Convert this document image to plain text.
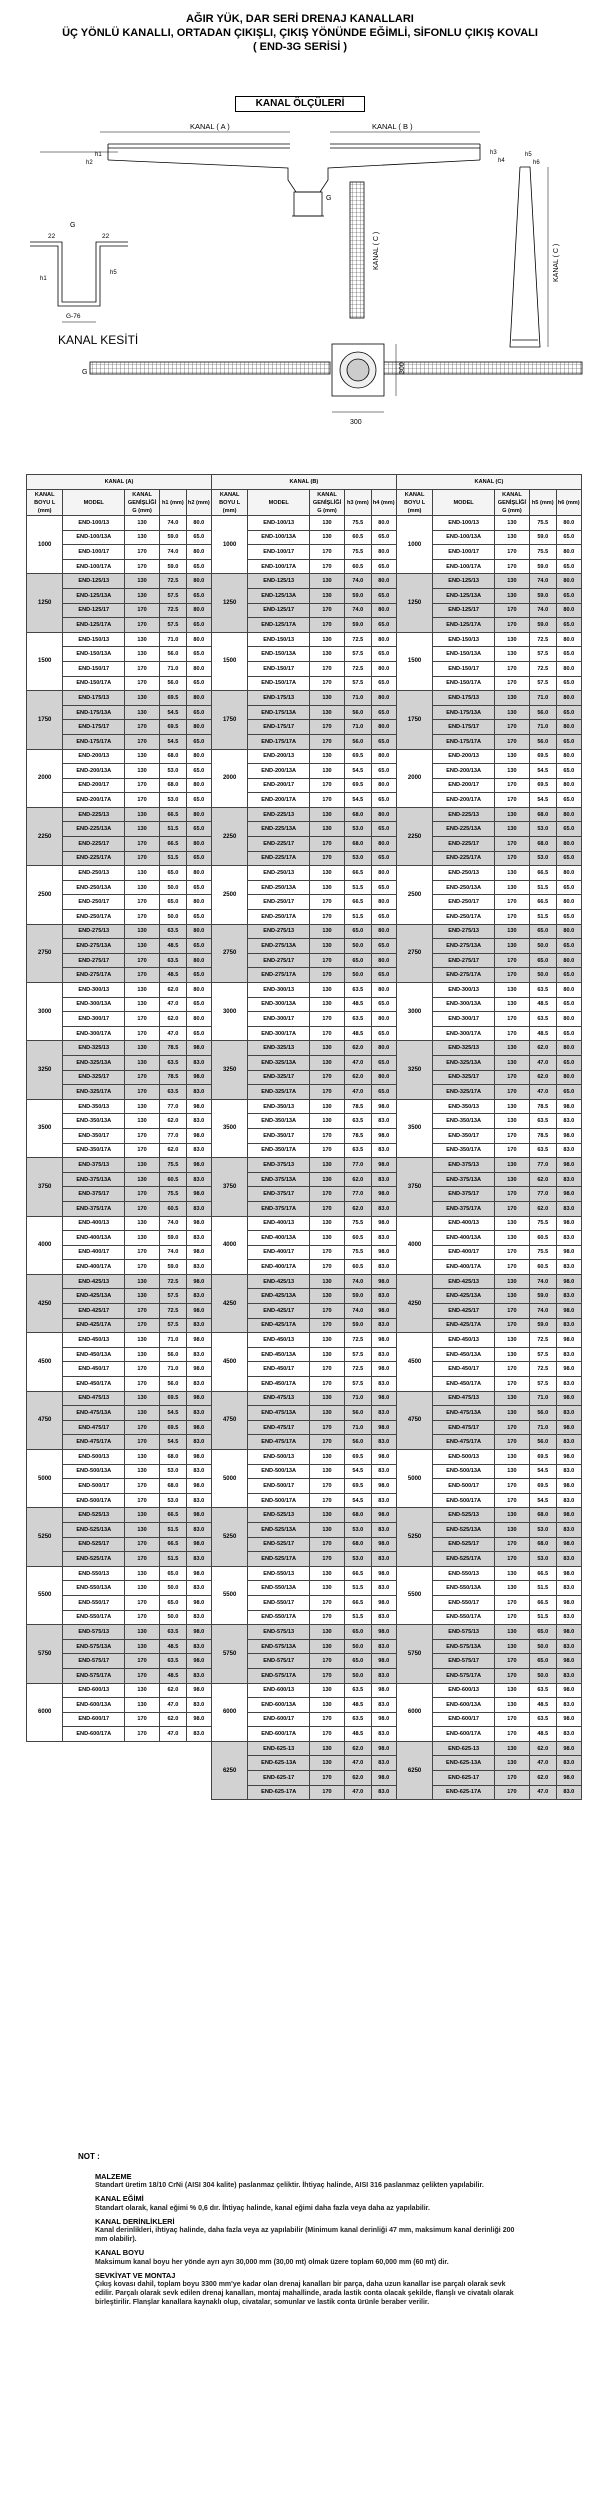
AĞIR YÜK, DAR SERİ DRENAJ KANALLARI
ÜÇ YÖNLÜ KANALLI, ORTADAN ÇIKIŞLI, ÇIKIŞ YÖNÜNDE EĞİMLİ, SİFONLU ÇIKIŞ KOVALI
( END-3G SERİSİ )
KANAL ÖLÇÜLERİ
KANAL ( A )	KANAL ( B )
h1
h2
h3
h4
G
22	22
G-76
h1
h5
KANAL KESİTİ
G
G
KANAL ( C )
300
300
h5
h6
KANAL ( C )
KANAL (A)					KANAL (B)					KANAL (C)				
KANAL BOYU L (mm)	MODEL	KANAL GENİŞLİĞİ G (mm)	h1 (mm)	h2 (mm)	KANAL BOYU L (mm)	MODEL	KANAL GENİŞLİĞİ G (mm)	h3 (mm)	h4 (mm)	KANAL BOYU L (mm)	MODEL	KANAL GENİŞLİĞİ G (mm)	h5 (mm)	h6 (mm)
1000	END-100/13	130	74.0	80.0	1000	END-100/13	130	75.5	80.0	1000	END-100/13	130	75.5	80.0
	END-100/13A	130	59.0	65.0		END-100/13A	130	60.5	65.0		END-100/13A	130	59.0	65.0
	END-100/17	170	74.0	80.0		END-100/17	170	75.5	80.0		END-100/17	170	75.5	80.0
	END-100/17A	170	59.0	65.0		END-100/17A	170	60.5	65.0		END-100/17A	170	59.0	65.0
1250	END-125/13	130	72.5	80.0	1250	END-125/13	130	74.0	80.0	1250	END-125/13	130	74.0	80.0
	END-125/13A	130	57.5	65.0		END-125/13A	130	59.0	65.0		END-125/13A	130	59.0	65.0
	END-125/17	170	72.5	80.0		END-125/17	170	74.0	80.0		END-125/17	170	74.0	80.0
	END-125/17A	170	57.5	65.0		END-125/17A	170	59.0	65.0		END-125/17A	170	59.0	65.0
1500	END-150/13	130	71.0	80.0	1500	END-150/13	130	72.5	80.0	1500	END-150/13	130	72.5	80.0
	END-150/13A	130	56.0	65.0		END-150/13A	130	57.5	65.0		END-150/13A	130	57.5	65.0
	END-150/17	170	71.0	80.0		END-150/17	170	72.5	80.0		END-150/17	170	72.5	80.0
	END-150/17A	170	56.0	65.0		END-150/17A	170	57.5	65.0		END-150/17A	170	57.5	65.0
1750	END-175/13	130	69.5	80.0	1750	END-175/13	130	71.0	80.0	1750	END-175/13	130	71.0	80.0
	END-175/13A	130	54.5	65.0		END-175/13A	130	56.0	65.0		END-175/13A	130	56.0	65.0
	END-175/17	170	69.5	80.0		END-175/17	170	71.0	80.0		END-175/17	170	71.0	80.0
	END-175/17A	170	54.5	65.0		END-175/17A	170	56.0	65.0		END-175/17A	170	56.0	65.0
2000	END-200/13	130	68.0	80.0	2000	END-200/13	130	69.5	80.0	2000	END-200/13	130	69.5	80.0
	END-200/13A	130	53.0	65.0		END-200/13A	130	54.5	65.0		END-200/13A	130	54.5	65.0
	END-200/17	170	68.0	80.0		END-200/17	170	69.5	80.0		END-200/17	170	69.5	80.0
	END-200/17A	170	53.0	65.0		END-200/17A	170	54.5	65.0		END-200/17A	170	54.5	65.0
2250	END-225/13	130	66.5	80.0	2250	END-225/13	130	68.0	80.0	2250	END-225/13	130	68.0	80.0
	END-225/13A	130	51.5	65.0		END-225/13A	130	53.0	65.0		END-225/13A	130	53.0	65.0
	END-225/17	170	66.5	80.0		END-225/17	170	68.0	80.0		END-225/17	170	68.0	80.0
	END-225/17A	170	51.5	65.0		END-225/17A	170	53.0	65.0		END-225/17A	170	53.0	65.0
2500	END-250/13	130	65.0	80.0	2500	END-250/13	130	66.5	80.0	2500	END-250/13	130	66.5	80.0
	END-250/13A	130	50.0	65.0		END-250/13A	130	51.5	65.0		END-250/13A	130	51.5	65.0
	END-250/17	170	65.0	80.0		END-250/17	170	66.5	80.0		END-250/17	170	66.5	80.0
	END-250/17A	170	50.0	65.0		END-250/17A	170	51.5	65.0		END-250/17A	170	51.5	65.0
2750	END-275/13	130	63.5	80.0	2750	END-275/13	130	65.0	80.0	2750	END-275/13	130	65.0	80.0
	END-275/13A	130	48.5	65.0		END-275/13A	130	50.0	65.0		END-275/13A	130	50.0	65.0
	END-275/17	170	63.5	80.0		END-275/17	170	65.0	80.0		END-275/17	170	65.0	80.0
	END-275/17A	170	48.5	65.0		END-275/17A	170	50.0	65.0		END-275/17A	170	50.0	65.0
3000	END-300/13	130	62.0	80.0	3000	END-300/13	130	63.5	80.0	3000	END-300/13	130	63.5	80.0
	END-300/13A	130	47.0	65.0		END-300/13A	130	48.5	65.0		END-300/13A	130	48.5	65.0
	END-300/17	170	62.0	80.0		END-300/17	170	63.5	80.0		END-300/17	170	63.5	80.0
	END-300/17A	170	47.0	65.0		END-300/17A	170	48.5	65.0		END-300/17A	170	48.5	65.0
3250	END-325/13	130	78.5	98.0	3250	END-325/13	130	62.0	80.0	3250	END-325/13	130	62.0	80.0
	END-325/13A	130	63.5	83.0		END-325/13A	130	47.0	65.0		END-325/13A	130	47.0	65.0
	END-325/17	170	78.5	98.0		END-325/17	170	62.0	80.0		END-325/17	170	62.0	80.0
	END-325/17A	170	63.5	83.0		END-325/17A	170	47.0	65.0		END-325/17A	170	47.0	65.0
3500	END-350/13	130	77.0	98.0	3500	END-350/13	130	78.5	98.0	3500	END-350/13	130	78.5	98.0
	END-350/13A	130	62.0	83.0		END-350/13A	130	63.5	83.0		END-350/13A	130	63.5	83.0
	END-350/17	170	77.0	98.0		END-350/17	170	78.5	98.0		END-350/17	170	78.5	98.0
	END-350/17A	170	62.0	83.0		END-350/17A	170	63.5	83.0		END-350/17A	170	63.5	83.0
3750	END-375/13	130	75.5	98.0	3750	END-375/13	130	77.0	98.0	3750	END-375/13	130	77.0	98.0
	END-375/13A	130	60.5	83.0		END-375/13A	130	62.0	83.0		END-375/13A	130	62.0	83.0
	END-375/17	170	75.5	98.0		END-375/17	170	77.0	98.0		END-375/17	170	77.0	98.0
	END-375/17A	170	60.5	83.0		END-375/17A	170	62.0	83.0		END-375/17A	170	62.0	83.0
4000	END-400/13	130	74.0	98.0	4000	END-400/13	130	75.5	98.0	4000	END-400/13	130	75.5	98.0
	END-400/13A	130	59.0	83.0		END-400/13A	130	60.5	83.0		END-400/13A	130	60.5	83.0
	END-400/17	170	74.0	98.0		END-400/17	170	75.5	98.0		END-400/17	170	75.5	98.0
	END-400/17A	170	59.0	83.0		END-400/17A	170	60.5	83.0		END-400/17A	170	60.5	83.0
4250	END-425/13	130	72.5	98.0	4250	END-425/13	130	74.0	98.0	4250	END-425/13	130	74.0	98.0
	END-425/13A	130	57.5	83.0		END-425/13A	130	59.0	83.0		END-425/13A	130	59.0	83.0
	END-425/17	170	72.5	98.0		END-425/17	170	74.0	98.0		END-425/17	170	74.0	98.0
	END-425/17A	170	57.5	83.0		END-425/17A	170	59.0	83.0		END-425/17A	170	59.0	83.0
4500	END-450/13	130	71.0	98.0	4500	END-450/13	130	72.5	98.0	4500	END-450/13	130	72.5	98.0
	END-450/13A	130	56.0	83.0		END-450/13A	130	57.5	83.0		END-450/13A	130	57.5	83.0
	END-450/17	170	71.0	98.0		END-450/17	170	72.5	98.0		END-450/17	170	72.5	98.0
	END-450/17A	170	56.0	83.0		END-450/17A	170	57.5	83.0		END-450/17A	170	57.5	83.0
4750	END-475/13	130	69.5	98.0	4750	END-475/13	130	71.0	98.0	4750	END-475/13	130	71.0	98.0
	END-475/13A	130	54.5	83.0		END-475/13A	130	56.0	83.0		END-475/13A	130	56.0	83.0
	END-475/17	170	69.5	98.0		END-475/17	170	71.0	98.0		END-475/17	170	71.0	98.0
	END-475/17A	170	54.5	83.0		END-475/17A	170	56.0	83.0		END-475/17A	170	56.0	83.0
5000	END-500/13	130	68.0	98.0	5000	END-500/13	130	69.5	98.0	5000	END-500/13	130	69.5	98.0
	END-500/13A	130	53.0	83.0		END-500/13A	130	54.5	83.0		END-500/13A	130	54.5	83.0
	END-500/17	170	68.0	98.0		END-500/17	170	69.5	98.0		END-500/17	170	69.5	98.0
	END-500/17A	170	53.0	83.0		END-500/17A	170	54.5	83.0		END-500/17A	170	54.5	83.0
5250	END-525/13	130	66.5	98.0	5250	END-525/13	130	68.0	98.0	5250	END-525/13	130	68.0	98.0
	END-525/13A	130	51.5	83.0		END-525/13A	130	53.0	83.0		END-525/13A	130	53.0	83.0
	END-525/17	170	66.5	98.0		END-525/17	170	68.0	98.0		END-525/17	170	68.0	98.0
	END-525/17A	170	51.5	83.0		END-525/17A	170	53.0	83.0		END-525/17A	170	53.0	83.0
5500	END-550/13	130	65.0	98.0	5500	END-550/13	130	66.5	98.0	5500	END-550/13	130	66.5	98.0
	END-550/13A	130	50.0	83.0		END-550/13A	130	51.5	83.0		END-550/13A	130	51.5	83.0
	END-550/17	170	65.0	98.0		END-550/17	170	66.5	98.0		END-550/17	170	66.5	98.0
	END-550/17A	170	50.0	83.0		END-550/17A	170	51.5	83.0		END-550/17A	170	51.5	83.0
5750	END-575/13	130	63.5	98.0	5750	END-575/13	130	65.0	98.0	5750	END-575/13	130	65.0	98.0
	END-575/13A	130	48.5	83.0		END-575/13A	130	50.0	83.0		END-575/13A	130	50.0	83.0
	END-575/17	170	63.5	98.0		END-575/17	170	65.0	98.0		END-575/17	170	65.0	98.0
	END-575/17A	170	48.5	83.0		END-575/17A	170	50.0	83.0		END-575/17A	170	50.0	83.0
6000	END-600/13	130	62.0	98.0	6000	END-600/13	130	63.5	98.0	6000	END-600/13	130	63.5	98.0
	END-600/13A	130	47.0	83.0		END-600/13A	130	48.5	83.0		END-600/13A	130	48.5	83.0
	END-600/17	170	62.0	98.0		END-600/17	170	63.5	98.0		END-600/17	170	63.5	98.0
	END-600/17A	170	47.0	83.0		END-600/17A	170	48.5	83.0		END-600/17A	170	48.5	83.0
					6250	END-625-13	130	62.0	98.0	6250	END-625-13	130	62.0	98.0
						END-625-13A	130	47.0	83.0		END-625-13A	130	47.0	83.0
						END-625-17	170	62.0	98.0		END-625-17	170	62.0	98.0
						END-625-17A	170	47.0	83.0		END-625-17A	170	47.0	83.0
NOT :
MALZEME
Standart üretim 18/10 CrNi (AISI 304 kalite) paslanmaz çeliktir. İhtiyaç halinde, AISI 316 paslanmaz çelikten yapılabilir.
KANAL EĞİMİ
Standart olarak, kanal eğimi % 0,6 dır. İhtiyaç halinde, kanal eğimi daha fazla veya daha az yapılabilir.
KANAL DERİNLİKLERİ
Kanal derinlikleri, ihtiyaç halinde, daha fazla veya az yapılabilir (Minimum kanal derinliği 47 mm, maksimum kanal derinliği 200 mm olabilir).
KANAL BOYU
Maksimum kanal boyu her yönde ayrı ayrı 30,000 mm (30,00 mt) olmak üzere toplam 60,000 mm (60 mt) dir.
SEVKİYAT VE MONTAJ
Çıkış kovası dahil, toplam boyu 3300 mm'ye kadar olan drenaj kanalları bir parça, daha uzun kanallar ise parçalı olarak sevk edilir. Parçalı olarak sevk edilen drenaj kanalları, montaj mahallinde, arada lastik conta olacak şekilde, flanşlı ve civatalı olarak birleştirilir. Flanşlar kanallara kaynaklı olup, civatalar, somunlar ve lastik conta ürünle beraber verilir.
